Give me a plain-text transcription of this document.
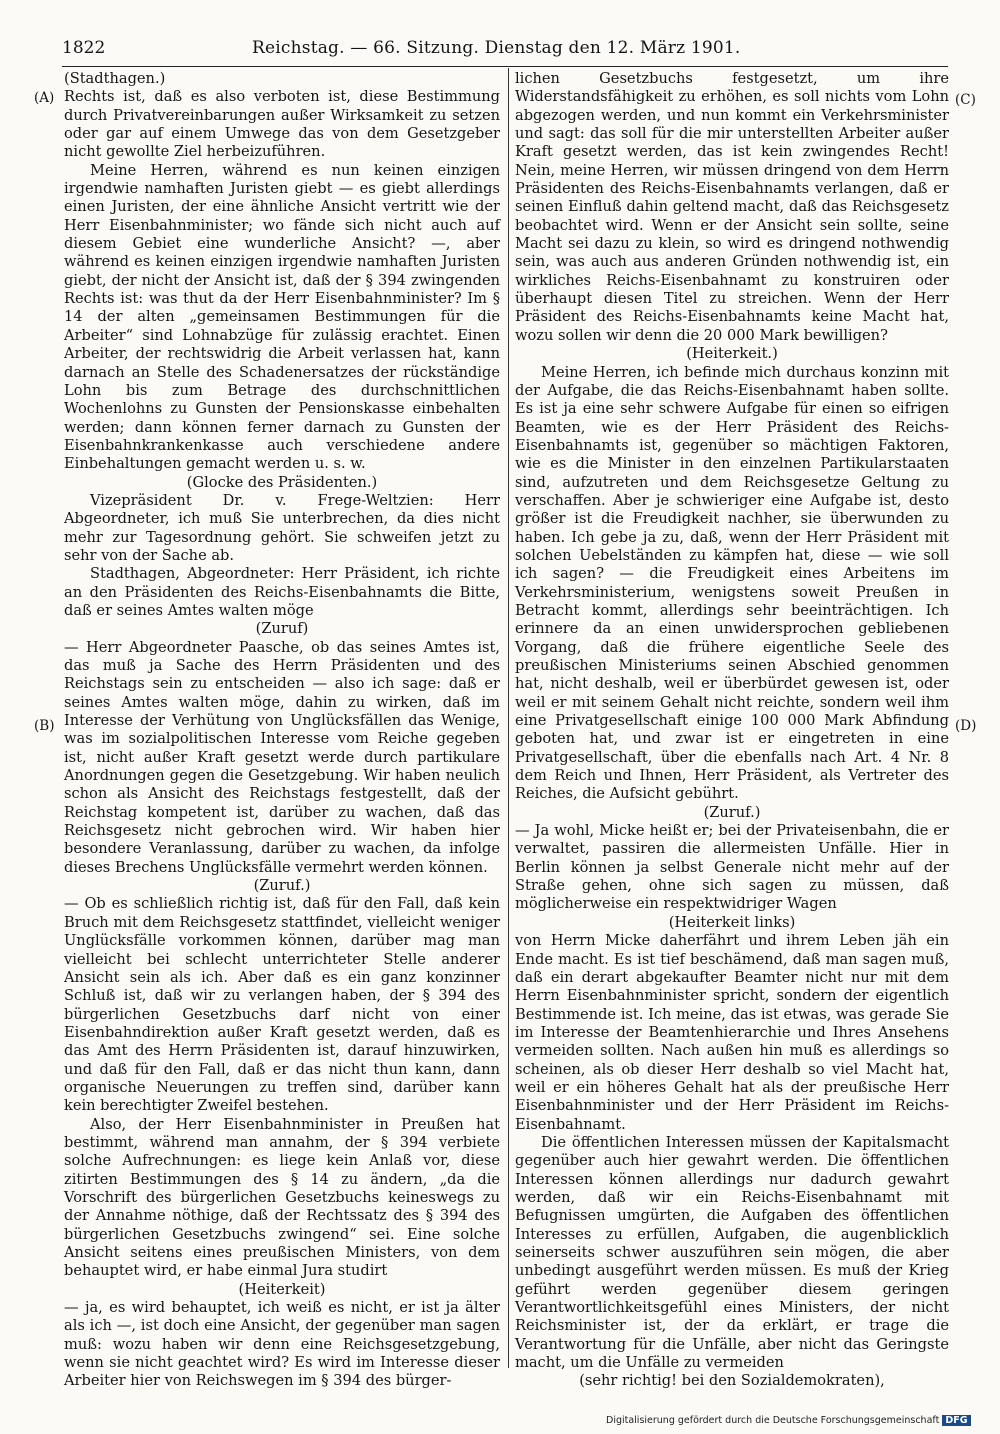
1822	Reichstag. — 66. Sitzung. Dienstag den 12. März 1901.
(A)
(B)
(C)
(D)

(Stadthagen.)

Rechts ist, daß es also verboten ist, diese Bestimmung durch Privatvereinbarungen außer Wirksamkeit zu setzen oder gar auf einem Umwege das von dem Gesetzgeber nicht gewollte Ziel herbeizuführen.

Meine Herren, während es nun keinen einzigen irgendwie namhaften Juristen giebt — es giebt allerdings einen Juristen, der eine ähnliche Ansicht vertritt wie der Herr Eisenbahnminister; wo fände sich nicht auch auf diesem Gebiet eine wunderliche Ansicht? —, aber während es keinen einzigen irgendwie namhaften Juristen giebt, der nicht der Ansicht ist, daß der § 394 zwingenden Rechts ist: was thut da der Herr Eisenbahnminister? Im § 14 der alten „gemeinsamen Bestimmungen für die Arbeiter“ sind Lohnabzüge für zulässig erachtet. Einen Arbeiter, der rechtswidrig die Arbeit verlassen hat, kann darnach an Stelle des Schadenersatzes der rückständige Lohn bis zum Betrage des durchschnittlichen Wochenlohns zu Gunsten der Pensionskasse einbehalten werden; dann können ferner darnach zu Gunsten der Eisenbahnkrankenkasse auch verschiedene andere Einbehaltungen gemacht werden u. s. w.

(Glocke des Präsidenten.)

Vizepräsident Dr. v. Frege-Weltzien: Herr Abgeordneter, ich muß Sie unterbrechen, da dies nicht mehr zur Tagesordnung gehört. Sie schweifen jetzt zu sehr von der Sache ab.

Stadthagen, Abgeordneter: Herr Präsident, ich richte an den Präsidenten des Reichs-Eisenbahnamts die Bitte, daß er seines Amtes walten möge

(Zuruf)

— Herr Abgeordneter Paasche, ob das seines Amtes ist, das muß ja Sache des Herrn Präsidenten und des Reichstags sein zu entscheiden — also ich sage: daß er seines Amtes walten möge, dahin zu wirken, daß im Interesse der Verhütung von Unglücksfällen das Wenige, was im sozialpolitischen Interesse vom Reiche gegeben ist, nicht außer Kraft gesetzt werde durch partikulare Anordnungen gegen die Gesetzgebung. Wir haben neulich schon als Ansicht des Reichstags festgestellt, daß der Reichstag kompetent ist, darüber zu wachen, daß das Reichsgesetz nicht gebrochen wird. Wir haben hier besondere Veranlassung, darüber zu wachen, da infolge dieses Brechens Unglücksfälle vermehrt werden können.

(Zuruf.)

— Ob es schließlich richtig ist, daß für den Fall, daß kein Bruch mit dem Reichsgesetz stattfindet, vielleicht weniger Unglücksfälle vorkommen können, darüber mag man vielleicht bei schlecht unterrichteter Stelle anderer Ansicht sein als ich. Aber daß es ein ganz konzinner Schluß ist, daß wir zu verlangen haben, der § 394 des bürgerlichen Gesetzbuchs darf nicht von einer Eisenbahndirektion außer Kraft gesetzt werden, daß es das Amt des Herrn Präsidenten ist, darauf hinzuwirken, und daß für den Fall, daß er das nicht thun kann, dann organische Neuerungen zu treffen sind, darüber kann kein berechtigter Zweifel bestehen.

Also, der Herr Eisenbahnminister in Preußen hat bestimmt, während man annahm, der § 394 verbiete solche Aufrechnungen: es liege kein Anlaß vor, diese zitirten Bestimmungen des § 14 zu ändern, „da die Vorschrift des bürgerlichen Gesetzbuchs keineswegs zu der Annahme nöthige, daß der Rechtssatz des § 394 des bürgerlichen Gesetzbuchs zwingend“ sei. Eine solche Ansicht seitens eines preußischen Ministers, von dem behauptet wird, er habe einmal Jura studirt

(Heiterkeit)

— ja, es wird behauptet, ich weiß es nicht, er ist ja älter als ich —, ist doch eine Ansicht, der gegenüber man sagen muß: wozu haben wir denn eine Reichsgesetzgebung, wenn sie nicht geachtet wird? Es wird im Interesse dieser Arbeiter hier von Reichswegen im § 394 des bürger-

lichen Gesetzbuchs festgesetzt, um ihre Widerstandsfähigkeit zu erhöhen, es soll nichts vom Lohn abgezogen werden, und nun kommt ein Verkehrsminister und sagt: das soll für die mir unterstellten Arbeiter außer Kraft gesetzt werden, das ist kein zwingendes Recht! Nein, meine Herren, wir müssen dringend von dem Herrn Präsidenten des Reichs-Eisenbahnamts verlangen, daß er seinen Einfluß dahin geltend macht, daß das Reichsgesetz beobachtet wird. Wenn er der Ansicht sein sollte, seine Macht sei dazu zu klein, so wird es dringend nothwendig sein, was auch aus anderen Gründen nothwendig ist, ein wirkliches Reichs-Eisenbahnamt zu konstruiren oder überhaupt diesen Titel zu streichen. Wenn der Herr Präsident des Reichs-Eisenbahnamts keine Macht hat, wozu sollen wir denn die 20 000 Mark bewilligen?

(Heiterkeit.)

Meine Herren, ich befinde mich durchaus konzinn mit der Aufgabe, die das Reichs-Eisenbahnamt haben sollte. Es ist ja eine sehr schwere Aufgabe für einen so eifrigen Beamten, wie es der Herr Präsident des Reichs-Eisenbahnamts ist, gegenüber so mächtigen Faktoren, wie es die Minister in den einzelnen Partikularstaaten sind, aufzutreten und dem Reichsgesetze Geltung zu verschaffen. Aber je schwieriger eine Aufgabe ist, desto größer ist die Freudigkeit nachher, sie überwunden zu haben. Ich gebe ja zu, daß, wenn der Herr Präsident mit solchen Uebelständen zu kämpfen hat, diese — wie soll ich sagen? — die Freudigkeit eines Arbeitens im Verkehrsministerium, wenigstens soweit Preußen in Betracht kommt, allerdings sehr beeinträchtigen. Ich erinnere da an einen unwidersprochen gebliebenen Vorgang, daß die frühere eigentliche Seele des preußischen Ministeriums seinen Abschied genommen hat, nicht deshalb, weil er überbürdet gewesen ist, oder weil er mit seinem Gehalt nicht reichte, sondern weil ihm eine Privatgesellschaft einige 100 000 Mark Abfindung geboten hat, und zwar ist er eingetreten in eine Privatgesellschaft, über die ebenfalls nach Art. 4 Nr. 8 dem Reich und Ihnen, Herr Präsident, als Vertreter des Reiches, die Aufsicht gebührt.

(Zuruf.)

— Ja wohl, Micke heißt er; bei der Privateisenbahn, die er verwaltet, passiren die allermeisten Unfälle. Hier in Berlin können ja selbst Generale nicht mehr auf der Straße gehen, ohne sich sagen zu müssen, daß möglicherweise ein respektwidriger Wagen

(Heiterkeit links)

von Herrn Micke daherfährt und ihrem Leben jäh ein Ende macht. Es ist tief beschämend, daß man sagen muß, daß ein derart abgekaufter Beamter nicht nur mit dem Herrn Eisenbahnminister spricht, sondern der eigentlich Bestimmende ist. Ich meine, das ist etwas, was gerade Sie im Interesse der Beamtenhierarchie und Ihres Ansehens vermeiden sollten. Nach außen hin muß es allerdings so scheinen, als ob dieser Herr deshalb so viel Macht hat, weil er ein höheres Gehalt hat als der preußische Herr Eisenbahnminister und der Herr Präsident im Reichs-Eisenbahnamt.

Die öffentlichen Interessen müssen der Kapitalsmacht gegenüber auch hier gewahrt werden. Die öffentlichen Interessen können allerdings nur dadurch gewahrt werden, daß wir ein Reichs-Eisenbahnamt mit Befugnissen umgürten, die Aufgaben des öffentlichen Interesses zu erfüllen, Aufgaben, die augenblicklich seinerseits schwer auszuführen sein mögen, die aber unbedingt ausgeführt werden müssen. Es muß der Krieg geführt werden gegenüber diesem geringen Verantwortlichkeitsgefühl eines Ministers, der nicht Reichsminister ist, der da erklärt, er trage die Verantwortung für die Unfälle, aber nicht das Geringste macht, um die Unfälle zu vermeiden

(sehr richtig! bei den Sozialdemokraten),

Digitalisierung gefördert durch die Deutsche Forschungsgemeinschaft DFG
